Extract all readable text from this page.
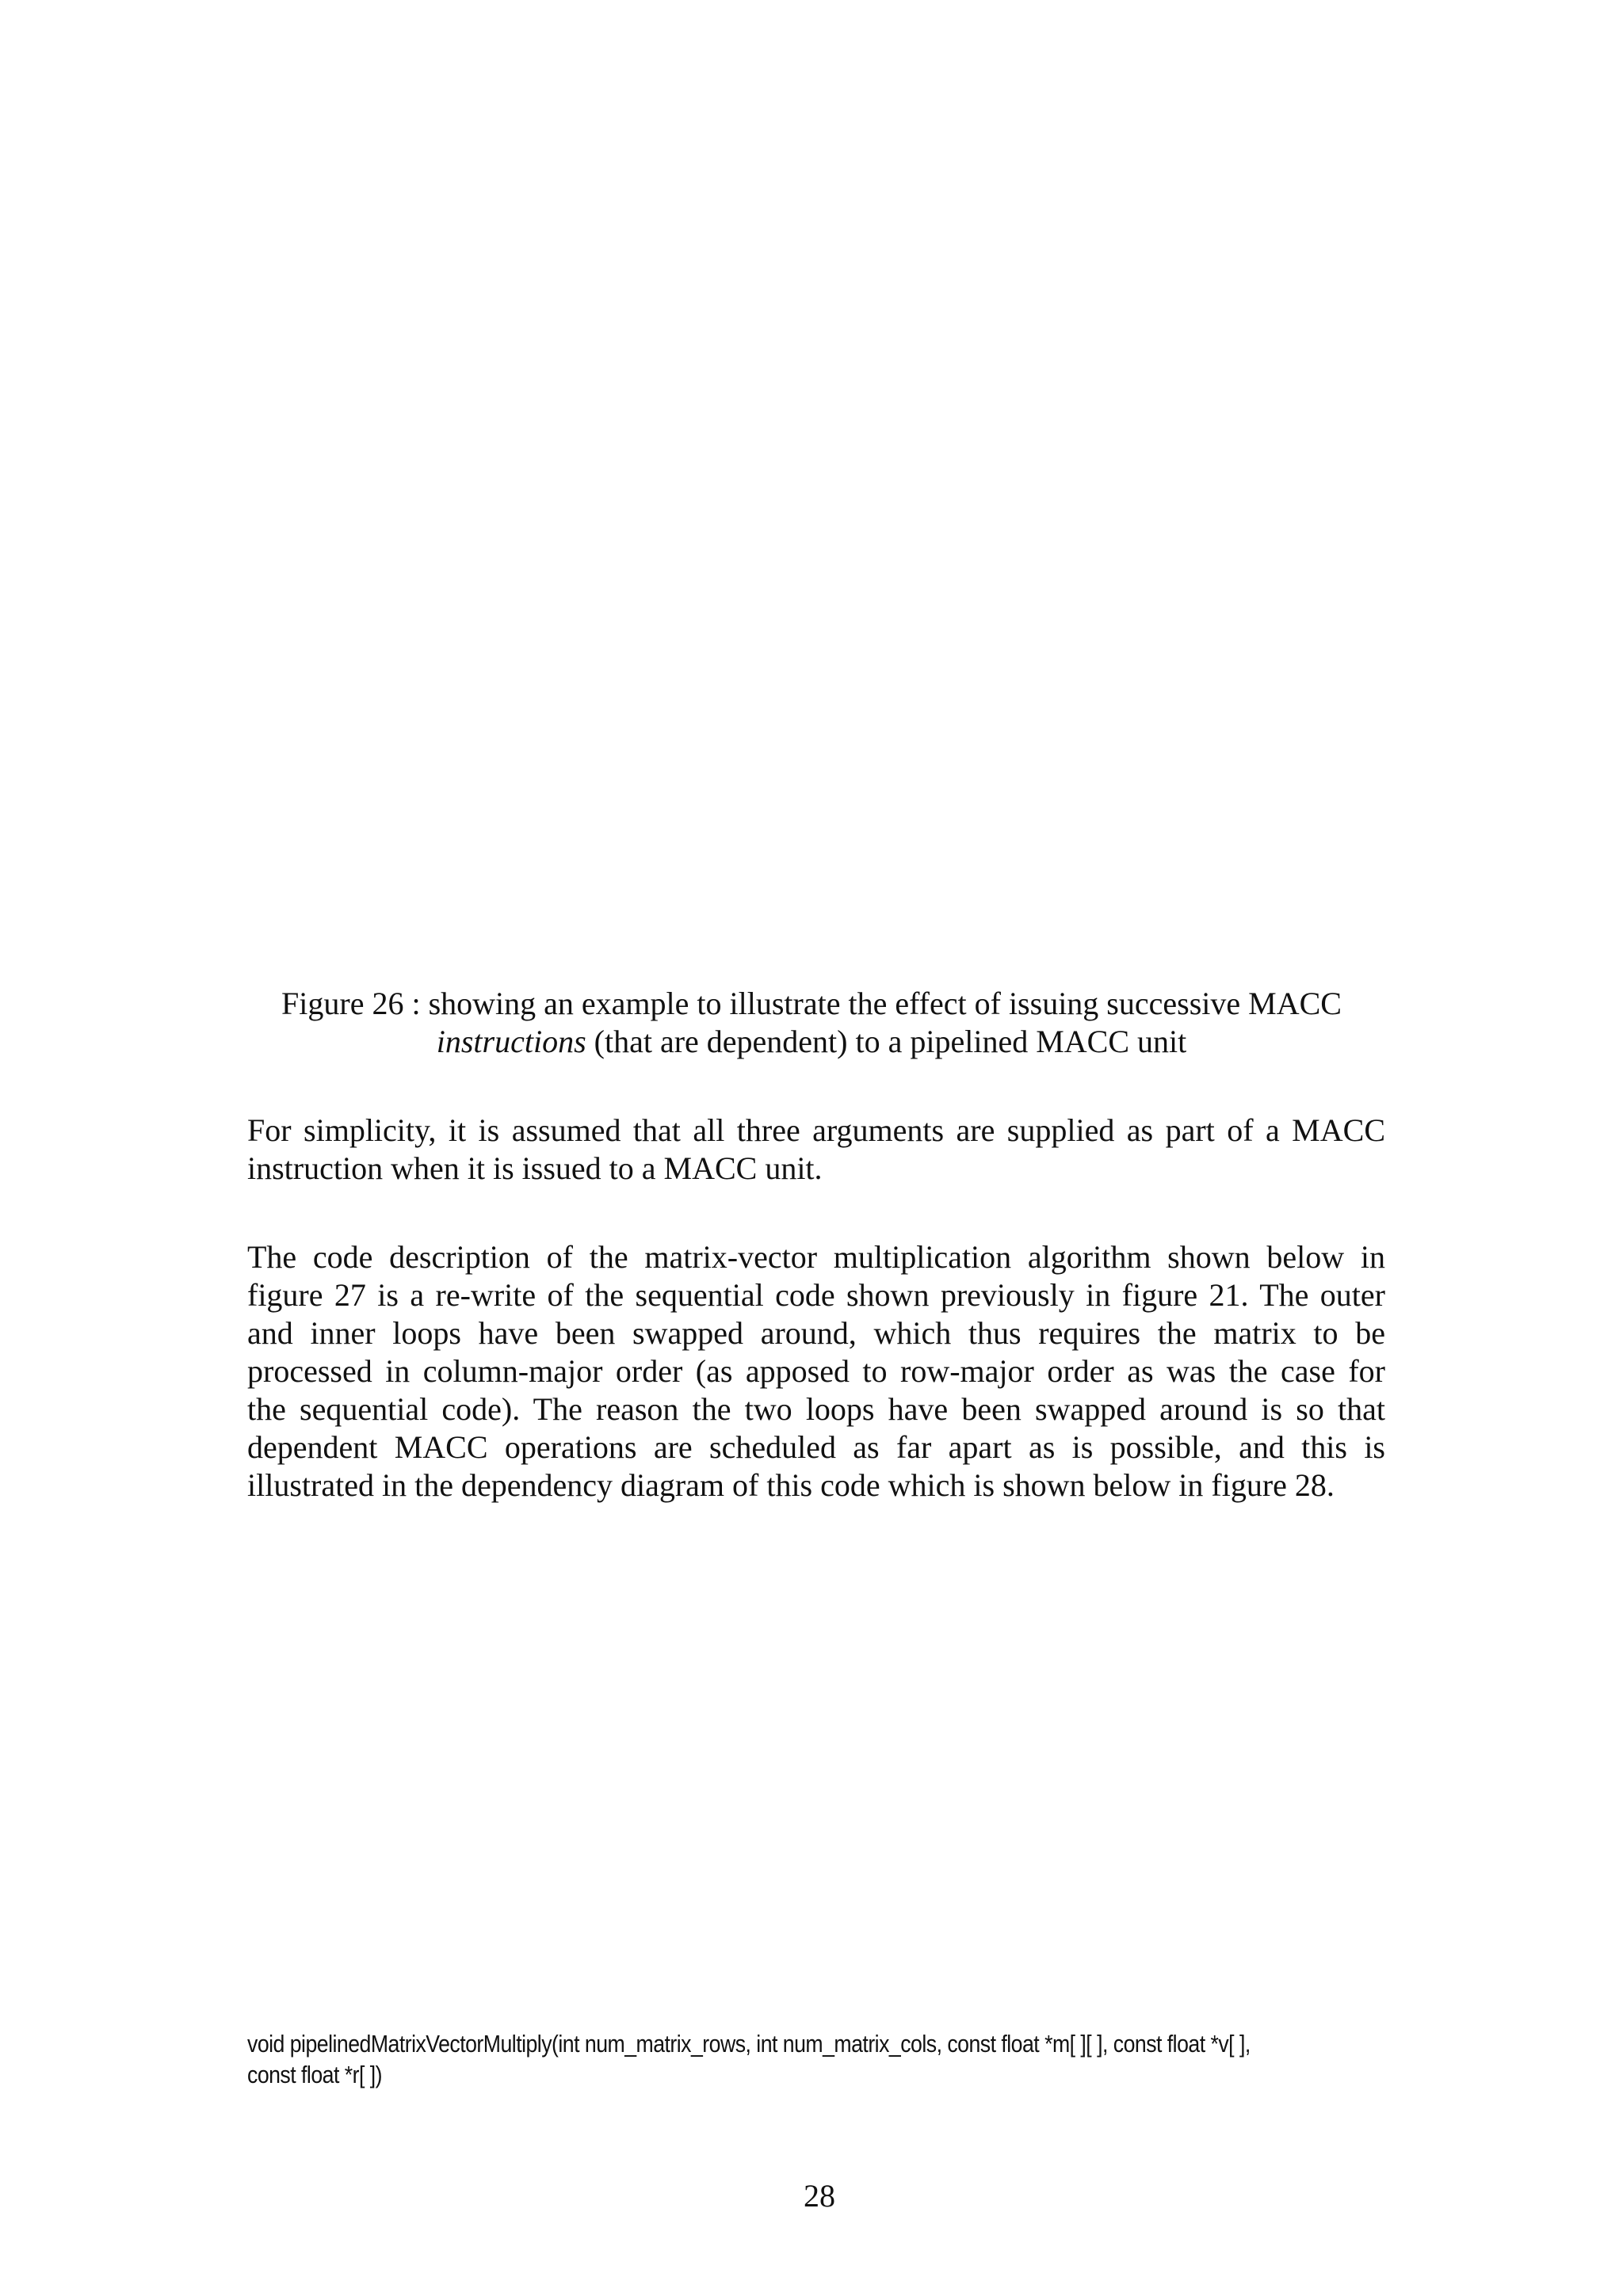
Figure 26 : showing an example to illustrate the effect of issuing successive MACC
instructions (that are dependent) to a pipelined MACC unit

For simplicity, it is assumed that all three arguments are supplied as part of a MACC
instruction when it is issued to a MACC unit.

The code description of the matrix-vector multiplication algorithm shown below in
figure 27 is a re-write of the sequential code shown previously in figure 21. The outer
and inner loops have been swapped around, which thus requires the matrix to be
processed in column-major order (as apposed to row-major order as was the case for
the sequential code). The reason the two loops have been swapped around is so that
dependent MACC operations are scheduled as far apart as is possible, and this is
illustrated in the dependency diagram of this code which is shown below in figure 28.

void pipelinedMatrixVectorMultiply(int num_matrix_rows, int num_matrix_cols, const float *m[ ][ ], const float *v[ ],
const float *r[ ])
28
